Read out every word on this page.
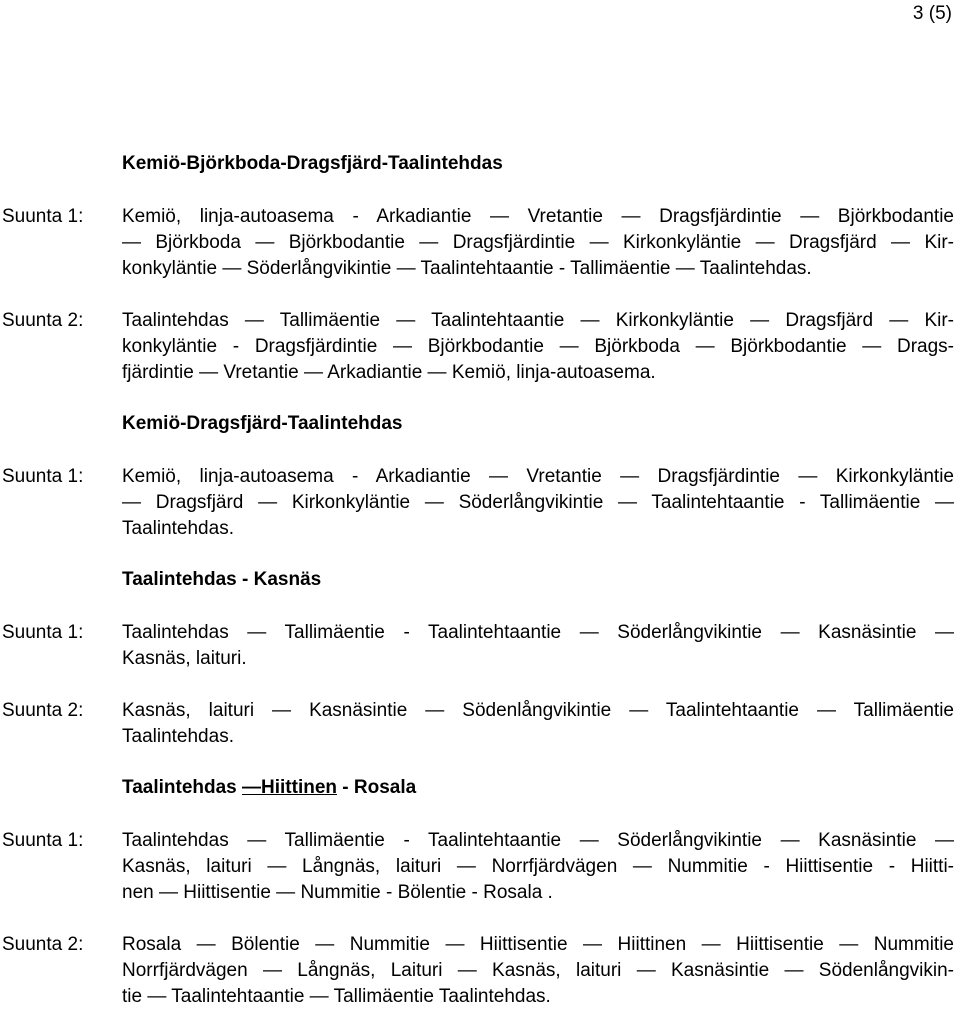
3 (5)
Kemiö-Björkboda-Dragsfjärd-Taalintehdas
Suunta 1: Kemiö, linja-autoasema - Arkadiantie — Vretantie — Dragsfjärdintie — Björkbodantie
— Björkboda — Björkbodantie — Dragsfjärdintie — Kirkonkyläntie — Dragsfjärd — Kir-
konkyläntie — Söderlångvikintie — Taalintehtaantie - Tallimäentie — Taalintehdas.
Suunta 2: Taalintehdas — Tallimäentie — Taalintehtaantie — Kirkonkyläntie — Dragsfjärd — Kir-
konkyläntie - Dragsfjärdintie — Björkbodantie — Björkboda — Björkbodantie — Drags-
fjärdintie — Vretantie — Arkadiantie — Kemiö, linja-autoasema.
Kemiö-Dragsfjärd-Taalintehdas
Suunta 1: Kemiö, linja-autoasema - Arkadiantie — Vretantie — Dragsfjärdintie — Kirkonkyläntie
— Dragsfjärd — Kirkonkyläntie — Söderlångvikintie — Taalintehtaantie - Tallimäentie —
Taalintehdas.
Taalintehdas - Kasnäs
Suunta 1: Taalintehdas — Tallimäentie - Taalintehtaantie — Söderlångvikintie — Kasnäsintie —
Kasnäs, laituri.
Suunta 2: Kasnäs, laituri — Kasnäsintie — Södenlångvikintie — Taalintehtaantie — Tallimäentie
Taalintehdas.
Taalintehdas —Hiittinen - Rosala
Suunta 1: Taalintehdas — Tallimäentie - Taalintehtaantie — Söderlångvikintie — Kasnäsintie —
Kasnäs, laituri — Långnäs, laituri — Norrfjärdvägen — Nummitie - Hiittisentie - Hiitti-
nen — Hiittisentie — Nummitie - Bölentie - Rosala .
Suunta 2: Rosala — Bölentie — Nummitie — Hiittisentie — Hiittinen — Hiittisentie — Nummitie
Norrfjärdvägen — Långnäs, Laituri — Kasnäs, laituri — Kasnäsintie — Södenlångvikin-
tie — Taalintehtaantie — Tallimäentie Taalintehdas.
